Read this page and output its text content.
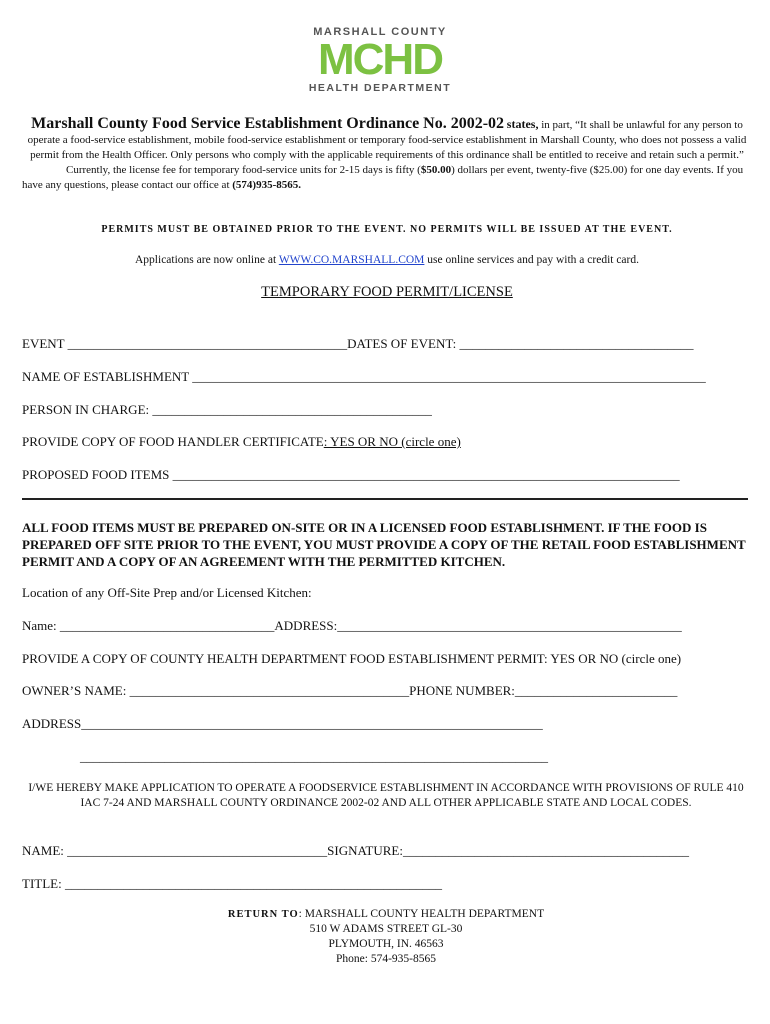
MARSHALL COUNTY
MCHD
HEALTH DEPARTMENT

Marshall County Food Service Establishment Ordinance No. 2002-02 states, in part, “It shall be unlawful for any person to operate a food-service establishment, mobile food-service establishment or temporary food-service establishment in Marshall County, who does not possess a valid permit from the Health Officer. Only persons who comply with the applicable requirements of this ordinance shall be entitled to receive and retain such a permit.”

Currently, the license fee for temporary food-service units for 2-15 days is fifty ($50.00) dollars per event, twenty-five ($25.00) for one day events. If you have any questions, please contact our office at (574)935-8565.

PERMITS MUST BE OBTAINED PRIOR TO THE EVENT. NO PERMITS WILL BE ISSUED AT THE EVENT.
Applications are now online at WWW.CO.MARSHALL.COM use online services and pay with a credit card.
TEMPORARY FOOD PERMIT/LICENSE
EVENT ___________________________________________DATES OF EVENT: ____________________________________
NAME OF ESTABLISHMENT _______________________________________________________________________________
PERSON IN CHARGE: ___________________________________________
PROVIDE COPY OF FOOD HANDLER CERTIFICATE: YES OR NO (circle one)
PROPOSED FOOD ITEMS ______________________________________________________________________________
ALL FOOD ITEMS MUST BE PREPARED ON-SITE OR IN A LICENSED FOOD ESTABLISHMENT. IF THE FOOD IS PREPARED OFF SITE PRIOR TO THE EVENT, YOU MUST PROVIDE A COPY OF THE RETAIL FOOD ESTABLISHMENT PERMIT AND A COPY OF AN AGREEMENT WITH THE PERMITTED KITCHEN.
Location of any Off-Site Prep and/or Licensed Kitchen:
Name: _________________________________ADDRESS:_____________________________________________________
PROVIDE A COPY OF COUNTY HEALTH DEPARTMENT FOOD ESTABLISHMENT PERMIT: YES OR NO (circle one)
OWNER’S NAME: ___________________________________________PHONE NUMBER:_________________________
ADDRESS_______________________________________________________________________
________________________________________________________________________
I/WE HEREBY MAKE APPLICATION TO OPERATE A FOODSERVICE ESTABLISHMENT IN ACCORDANCE WITH PROVISIONS OF RULE 410 IAC 7-24 AND MARSHALL COUNTY ORDINANCE 2002-02 AND ALL OTHER APPLICABLE STATE AND LOCAL CODES.
NAME: ________________________________________SIGNATURE:____________________________________________
TITLE: __________________________________________________________
RETURN TO: MARSHALL COUNTY HEALTH DEPARTMENT
510 W ADAMS STREET GL-30
PLYMOUTH, IN. 46563
Phone: 574-935-8565
